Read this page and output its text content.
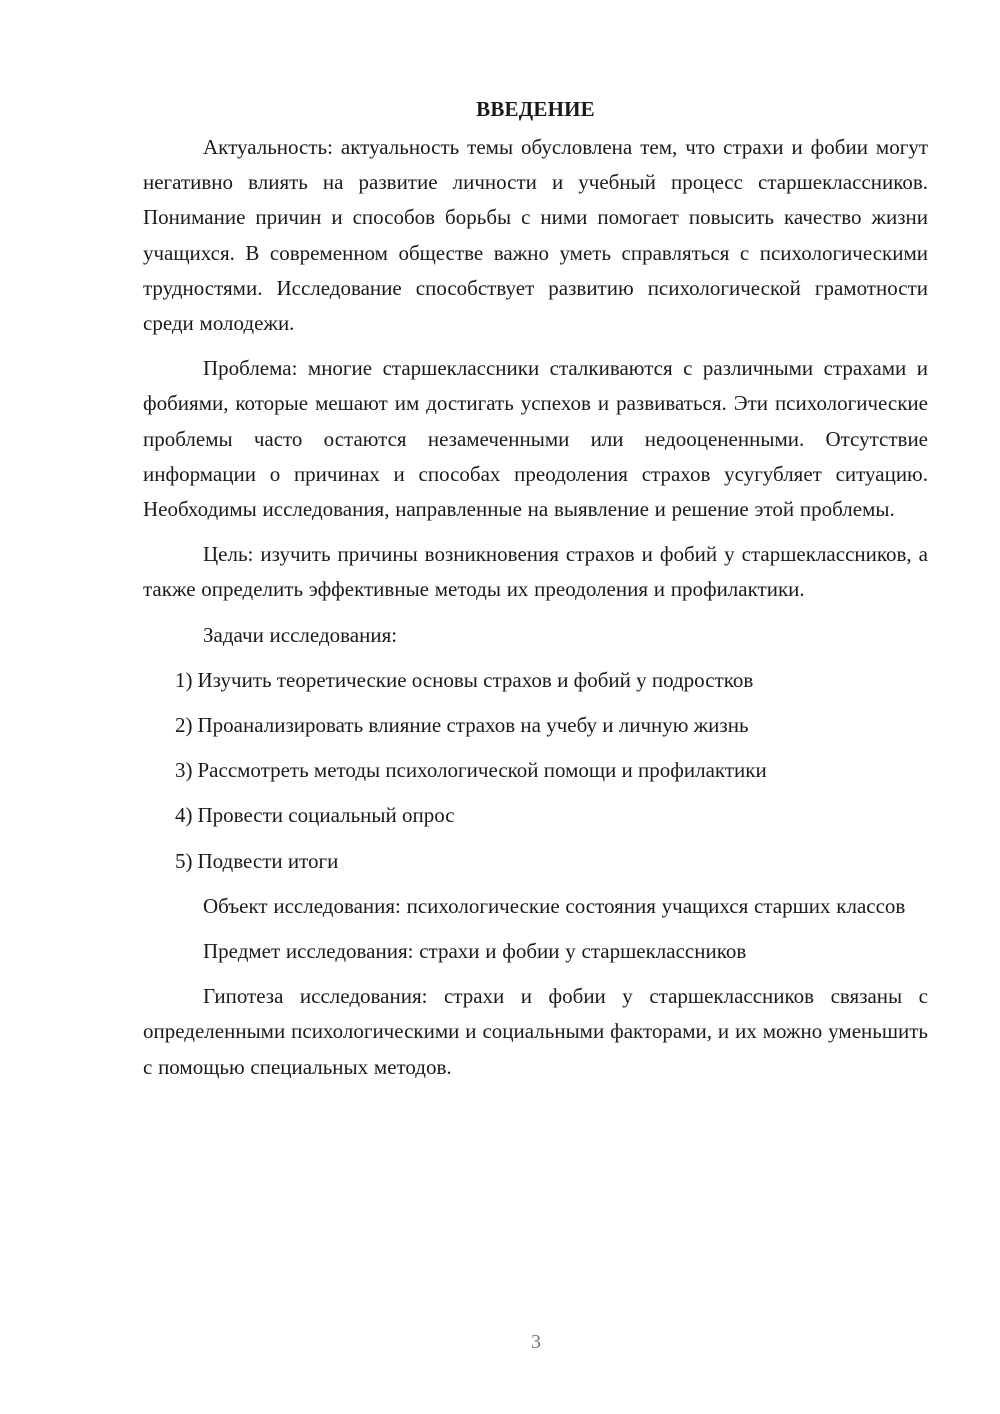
ВВЕДЕНИЕ

Актуальность: актуальность темы обусловлена тем, что страхи и фобии могут негативно влиять на развитие личности и учебный процесс старшеклассников. Понимание причин и способов борьбы с ними помогает повысить качество жизни учащихся. В современном обществе важно уметь справляться с психологическими трудностями. Исследование способствует развитию психологической грамотности среди молодежи.

Проблема: многие старшеклассники сталкиваются с различными страхами и фобиями, которые мешают им достигать успехов и развиваться. Эти психологические проблемы часто остаются незамеченными или недооцененными. Отсутствие информации о причинах и способах преодоления страхов усугубляет ситуацию. Необходимы исследования, направленные на выявление и решение этой проблемы.

Цель: изучить причины возникновения страхов и фобий у старшеклассников, а также определить эффективные методы их преодоления и профилактики.

Задачи исследования:

1) Изучить теоретические основы страхов и фобий у подростков
2) Проанализировать влияние страхов на учебу и личную жизнь
3) Рассмотреть методы психологической помощи и профилактики
4) Провести социальный опрос
5) Подвести итоги

Объект исследования: психологические состояния учащихся старших классов

Предмет исследования: страхи и фобии у старшеклассников

Гипотеза исследования: страхи и фобии у старшеклассников связаны с определенными психологическими и социальными факторами, и их можно уменьшить с помощью специальных методов.

3
